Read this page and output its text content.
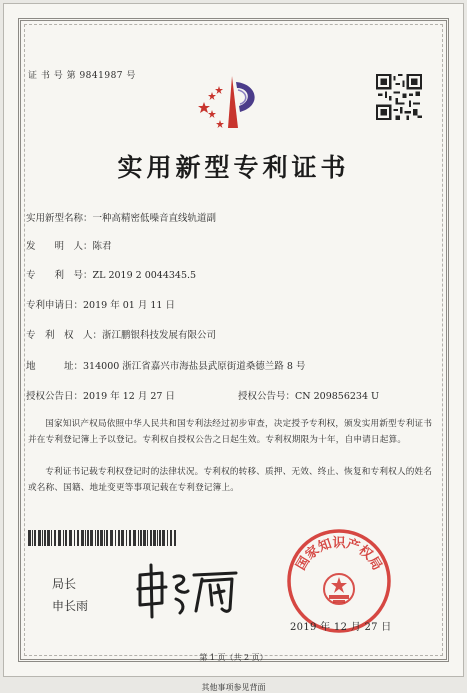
证 书 号 第 9841987 号
实用新型专利证书
实用新型名称：一种高精密低噪音直线轨道副
发　　明　人：陈君
专　　利　号：ZL 2019 2 0044345.5
专利申请日：2019 年 01 月 11 日
专　利　权　人：浙江鹏银科技发展有限公司
地　　　址：314000 浙江省嘉兴市海盐县武原街道桑德兰路 8 号
授权公告日：2019 年 12 月 27 日	授权公告号：CN 209856234 U
国家知识产权局依照中华人民共和国专利法经过初步审查，决定授予专利权，颁发实用新型专利证书并在专利登记簿上予以登记。专利权自授权公告之日起生效。专利权期限为十年，自申请日起算。
专利证书记载专利权登记时的法律状况。专利权的转移、质押、无效、终止、恢复和专利权人的姓名或名称、国籍、地址变更等事项记载在专利登记簿上。
局长
申长雨
国家知识产权局
2019 年 12 月 27 日
第 1 页（共 2 页）
其他事项参见背面
